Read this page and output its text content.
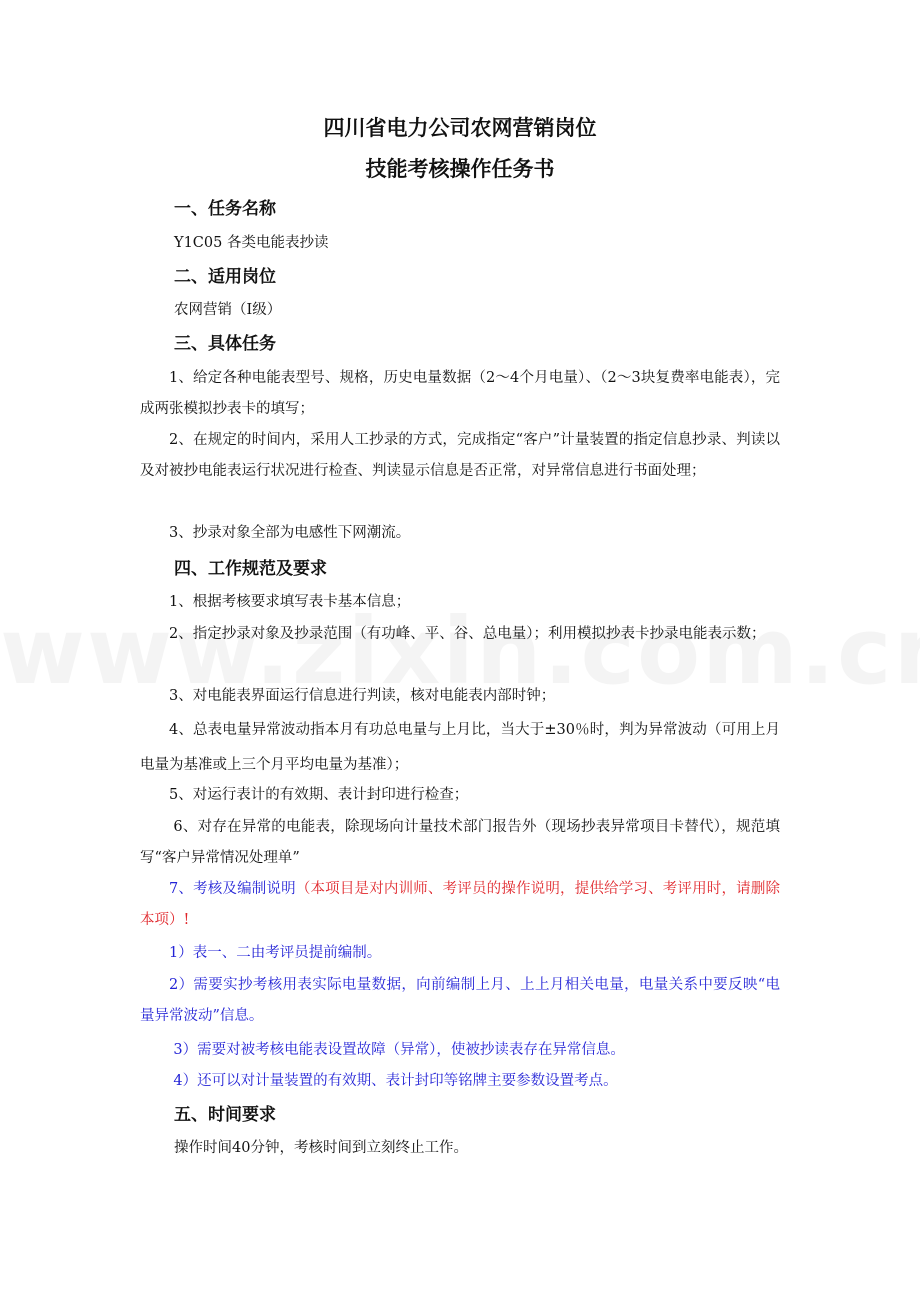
四川省电力公司农网营销岗位
技能考核操作任务书
一、任务名称
Y1C05 各类电能表抄读
二、适用岗位
农网营销（Ⅰ级）
三、具体任务
1、给定各种电能表型号、规格，历史电量数据（2～4个月电量）、（2～3块复费率电能表），完成两张模拟抄表卡的填写；
2、在规定的时间内，采用人工抄录的方式，完成指定“客户”计量装置的指定信息抄录、判读以及对被抄电能表运行状况进行检查、判读显示信息是否正常，对异常信息进行书面处理；
3、抄录对象全部为电感性下网潮流。
四、工作规范及要求
1、根据考核要求填写表卡基本信息；
2、指定抄录对象及抄录范围（有功峰、平、谷、总电量）；利用模拟抄表卡抄录电能表示数；
3、对电能表界面运行信息进行判读，核对电能表内部时钟；
4、总表电量异常波动指本月有功总电量与上月比，当大于±30％时，判为异常波动（可用上月电量为基准或上三个月平均电量为基准）；
5、对运行表计的有效期、表计封印进行检查；
6、对存在异常的电能表，除现场向计量技术部门报告外（现场抄表异常项目卡替代），规范填写“客户异常情况处理单”
7、考核及编制说明（本项目是对内训师、考评员的操作说明，提供给学习、考评用时，请删除本项）!
1）表一、二由考评员提前编制。
2）需要实抄考核用表实际电量数据，向前编制上月、上上月相关电量，电量关系中要反映“电量异常波动”信息。
3）需要对被考核电能表设置故障（异常），使被抄读表存在异常信息。
4）还可以对计量装置的有效期、表计封印等铭牌主要参数设置考点。
五、时间要求
操作时间40分钟，考核时间到立刻终止工作。
